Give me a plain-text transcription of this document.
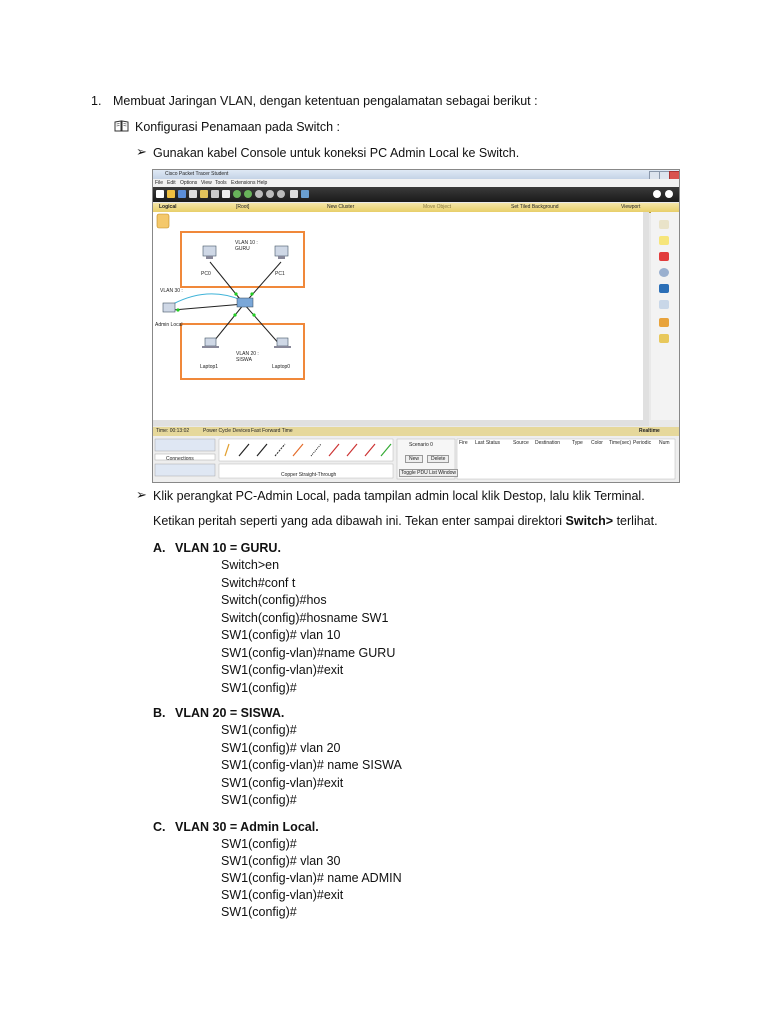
1. Membuat Jaringan VLAN, dengan ketentuan pengalamatan sebagai berikut :
Konfigurasi Penamaan pada Switch :
➢ Gunakan kabel Console untuk koneksi PC Admin Local ke Switch.
Cisco Packet Tracer Student
File Edit Options View Tools Extensions Help
Logical	[Root]	New Cluster	Move Object	Set Tiled Background	Viewport
VLAN 10 :
GURU
VLAN 20 :
SISWA
VLAN 30 :
PC0	PC1
Admin Local
Laptop1	Laptop0
Time: 00:13:02	Power Cycle Devices Fast Forward Time	Realtime
Connections
Copper Straight-Through
Scenario 0
New	Delete
Toggle PDU List Window
Fire Last Status	Source Destination Type Color Time(sec) Periodic Num
➢ Klik perangkat PC-Admin Local, pada tampilan admin local klik Destop, lalu klik Terminal.
Ketikan peritah seperti yang ada dibawah ini. Tekan enter sampai direktori Switch> terlihat.
A. VLAN 10 = GURU.
Switch>en
Switch#conf t
Switch(config)#hos
Switch(config)#hosname SW1
SW1(config)# vlan 10
SW1(config-vlan)#name GURU
SW1(config-vlan)#exit
SW1(config)#
B. VLAN 20 = SISWA.
SW1(config)#
SW1(config)# vlan 20
SW1(config-vlan)# name SISWA
SW1(config-vlan)#exit
SW1(config)#
C. VLAN 30 = Admin Local.
SW1(config)#
SW1(config)# vlan 30
SW1(config-vlan)# name ADMIN
SW1(config-vlan)#exit
SW1(config)#
